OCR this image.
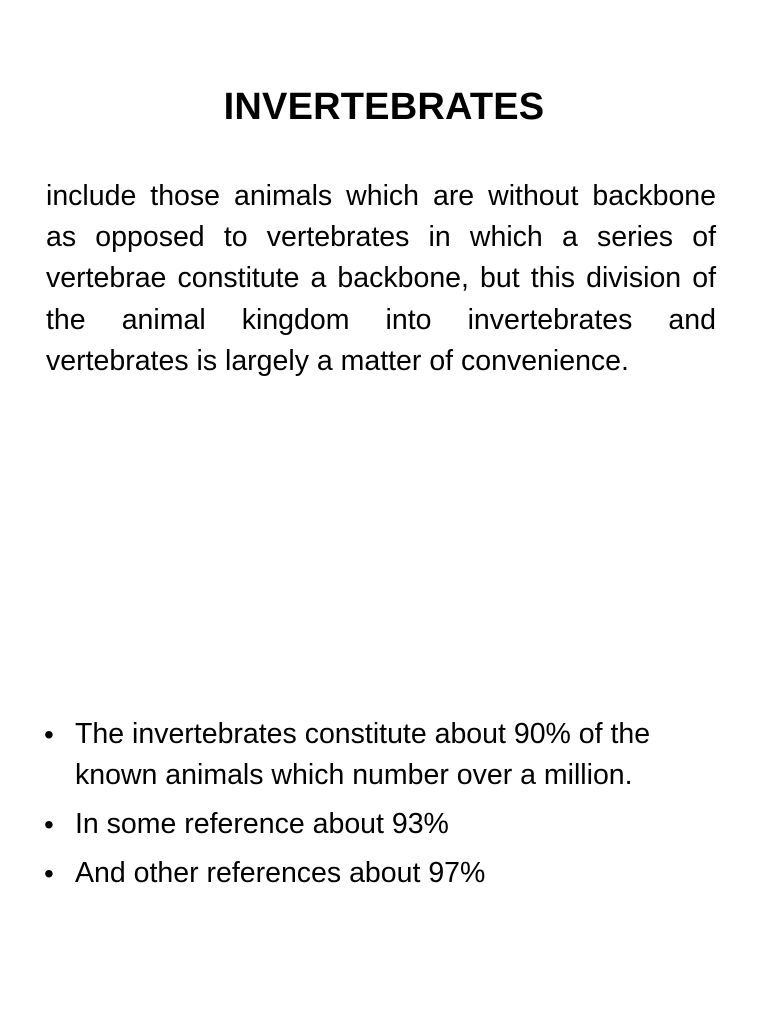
INVERTEBRATES

include those animals which are without backbone as opposed to vertebrates in which a series of vertebrae constitute a backbone, but this division of the animal kingdom into invertebrates and vertebrates is largely a matter of convenience.

• The invertebrates constitute about 90% of the known animals which number over a million.
• In some reference about 93%
• And other references about 97%
